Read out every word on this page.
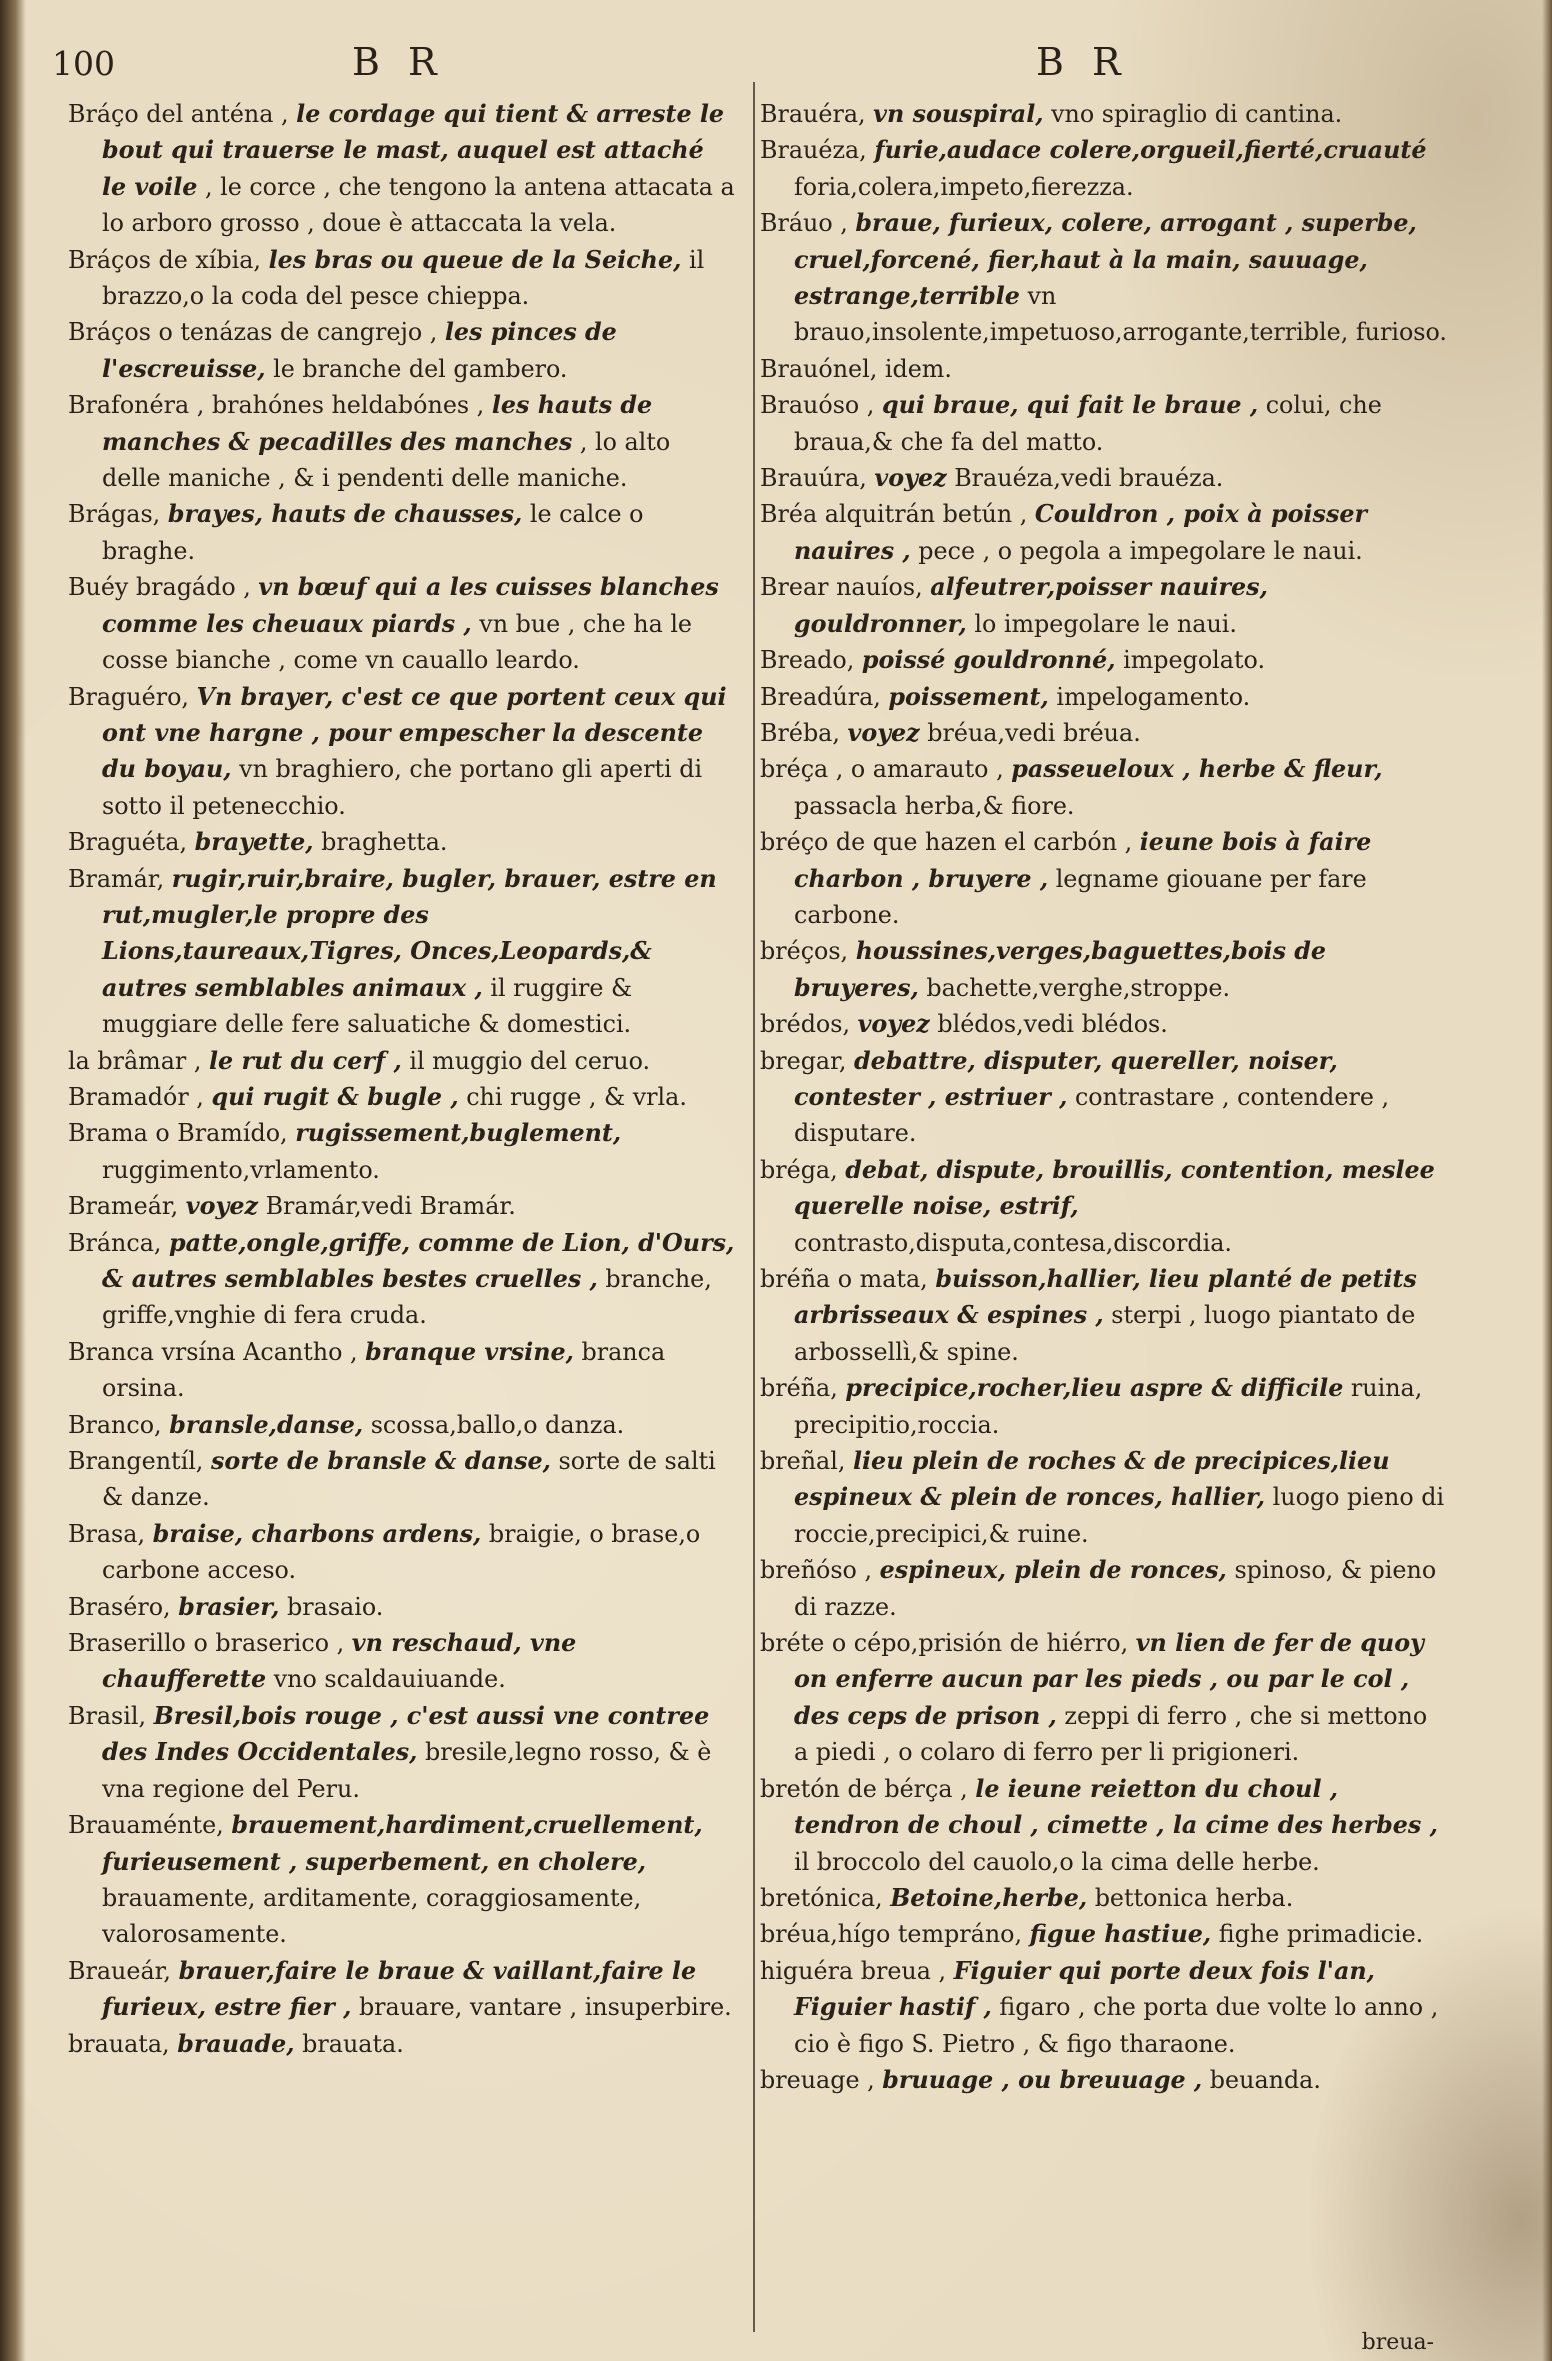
100	B R	B R

Bráço del anténa , le cordage qui tient & arreste le bout qui trauerse le mast, auquel est attaché le voile , le corce , che tengono la antena attacata a lo arboro grosso , doue è attaccata la vela.

Bráços de xíbia, les bras ou queue de la Seiche, il brazzo,o la coda del pesce chieppa.

Bráços o tenázas de cangrejo , les pinces de l'escreuisse, le branche del gambero.

Brafonéra , brahónes heldabónes , les hauts de manches & pecadilles des manches , lo alto delle maniche , & i pendenti delle maniche.

Brágas, brayes, hauts de chausses, le calce o braghe.

Buéy bragádo , vn bœuf qui a les cuisses blanches comme les cheuaux piards , vn bue , che ha le cosse bianche , come vn cauallo leardo.

Braguéro, Vn brayer, c'est ce que portent ceux qui ont vne hargne , pour empescher la descente du boyau, vn braghiero, che portano gli aperti di sotto il petenecchio.

Braguéta, brayette, braghetta.

Bramár, rugir,ruir,braire, bugler, brauer, estre en rut,mugler,le propre des Lions,taureaux,Tigres, Onces,Leopards,& autres semblables animaux , il ruggire & muggiare delle fere saluatiche & domestici.

la brâmar , le rut du cerf , il muggio del ceruo.

Bramadór , qui rugit & bugle , chi rugge , & vrla.

Brama o Bramído, rugissement,buglement, ruggimento,vrlamento.

Brameár, voyez Bramár,vedi Bramár.

Bránca, patte,ongle,griffe, comme de Lion, d'Ours, & autres semblables bestes cruelles , branche, griffe,vnghie di fera cruda.

Branca vrsína Acantho , branque vrsine, branca orsina.

Branco, bransle,danse, scossa,ballo,o danza.

Brangentíl, sorte de bransle & danse, sorte de salti & danze.

Brasa, braise, charbons ardens, braigie, o brase,o carbone acceso.

Braséro, brasier, brasaio.

Braserillo o braserico , vn reschaud, vne chaufferette vno scaldauiuande.

Brasil, Bresil,bois rouge , c'est aussi vne contree des Indes Occidentales, bresile,legno rosso, & è vna regione del Peru.

Brauaménte, brauement,hardiment,cruellement, furieusement , superbement, en cholere, brauamente, arditamente, coraggiosamente, valorosamente.

Braueár, brauer,faire le braue & vaillant,faire le furieux, estre fier , brauare, vantare , insuperbire.

brauata, brauade, brauata.

Brauéra, vn souspiral, vno spiraglio di cantina.

Brauéza, furie,audace colere,orgueil,fierté,cruauté foria,colera,impeto,fierezza.

Bráuo , braue, furieux, colere, arrogant , superbe, cruel,forcené, fier,haut à la main, sauuage, estrange,terrible vn brauo,insolente,impetuoso,arrogante,terrible, furioso.

Brauónel, idem.

Brauóso , qui braue, qui fait le braue , colui, che braua,& che fa del matto.

Brauúra, voyez Brauéza,vedi brauéza.

Bréa alquitrán betún , Couldron , poix à poisser nauires , pece , o pegola a impegolare le naui.

Brear nauíos, alfeutrer,poisser nauires, gouldronner, lo impegolare le naui.

Breado, poissé gouldronné, impegolato.

Breadúra, poissement, impelogamento.

Bréba, voyez bréua,vedi bréua.

bréça , o amarauto , passeueloux , herbe & fleur, passacla herba,& fiore.

bréço de que hazen el carbón , ieune bois à faire charbon , bruyere , legname giouane per fare carbone.

bréços, houssines,verges,baguettes,bois de bruyeres, bachette,verghe,stroppe.

brédos, voyez blédos,vedi blédos.

bregar, debattre, disputer, quereller, noiser, contester , estriuer , contrastare , contendere , disputare.

bréga, debat, dispute, brouillis, contention, meslee querelle noise, estrif, contrasto,disputa,contesa,discordia.

bréña o mata, buisson,hallier, lieu planté de petits arbrisseaux & espines , sterpi , luogo piantato de arbossellì,& spine.

bréña, precipice,rocher,lieu aspre & difficile ruina, precipitio,roccia.

breñal, lieu plein de roches & de precipices,lieu espineux & plein de ronces, hallier, luogo pieno di roccie,precipici,& ruine.

breñóso , espineux, plein de ronces, spinoso, & pieno di razze.

bréte o cépo,prisión de hiérro, vn lien de fer de quoy on enferre aucun par les pieds , ou par le col , des ceps de prison , zeppi di ferro , che si mettono a piedi , o colaro di ferro per li prigioneri.

bretón de bérça , le ieune reietton du choul , tendron de choul , cimette , la cime des herbes , il broccolo del cauolo,o la cima delle herbe.

bretónica, Betoine,herbe, bettonica herba.

bréua,hígo tempráno, figue hastiue, fighe primadicie.

higuéra breua , Figuier qui porte deux fois l'an, Figuier hastif , figaro , che porta due volte lo anno , cio è figo S. Pietro , & figo tharaone.

breuage , bruuage , ou breuuage , beuanda.

breua-
